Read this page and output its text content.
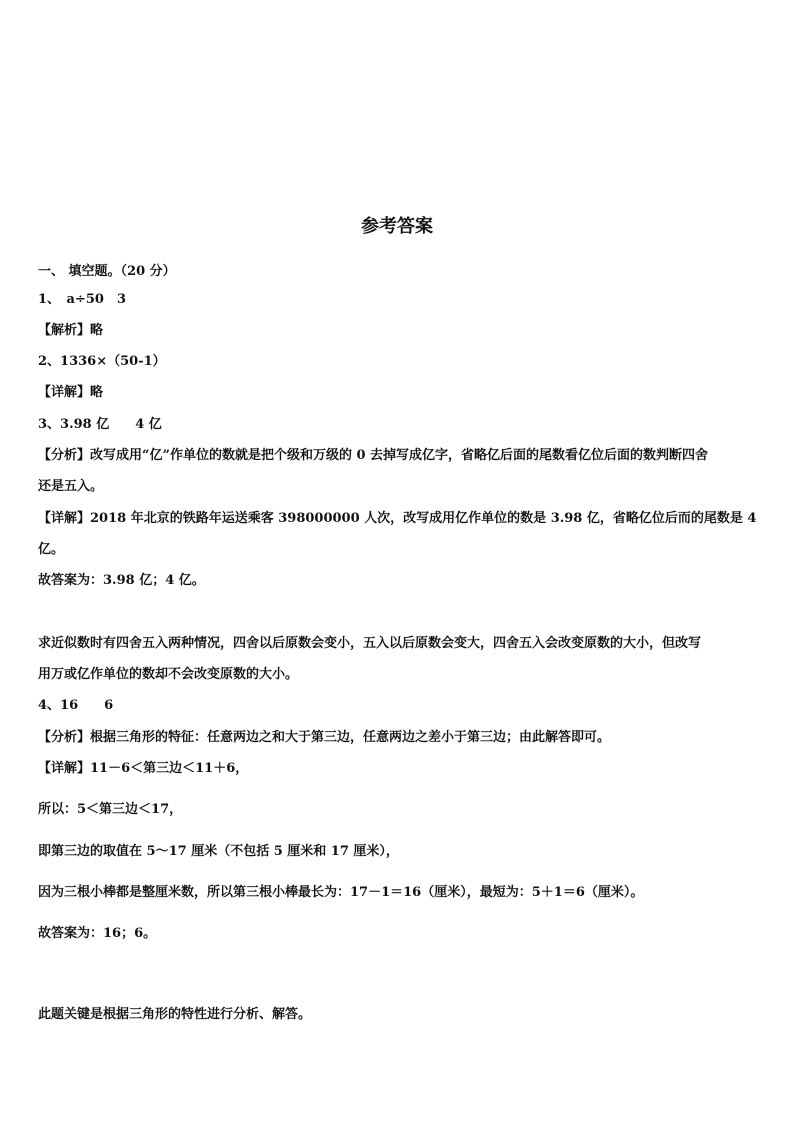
参考答案
一、 填空题。（20 分）
1、　a÷50　3
【解析】略
2、1336×（50-1）
【详解】略
3、3.98 亿　　4 亿
【分析】改写成用“亿”作单位的数就是把个级和万级的 0 去掉写成亿字，省略亿后面的尾数看亿位后面的数判断四舍
还是五入。
【详解】2018 年北京的铁路年运送乘客 398000000 人次，改写成用亿作单位的数是 3.98 亿，省略亿位后而的尾数是 4
亿。
故答案为：3.98 亿；4 亿。
求近似数时有四舍五入两种情况，四舍以后原数会变小，五入以后原数会变大，四舍五入会改变原数的大小，但改写
用万或亿作单位的数却不会改变原数的大小。
4、16　　6
【分析】根据三角形的特征：任意两边之和大于第三边，任意两边之差小于第三边；由此解答即可。
【详解】11－6＜第三边＜11＋6，
所以：5＜第三边＜17，
即第三边的取值在 5～17 厘米（不包括 5 厘米和 17 厘米），
因为三根小棒都是整厘米数，所以第三根小棒最长为：17－1＝16（厘米），最短为：5＋1＝6（厘米）。
故答案为：16；6。
此题关键是根据三角形的特性进行分析、解答。
